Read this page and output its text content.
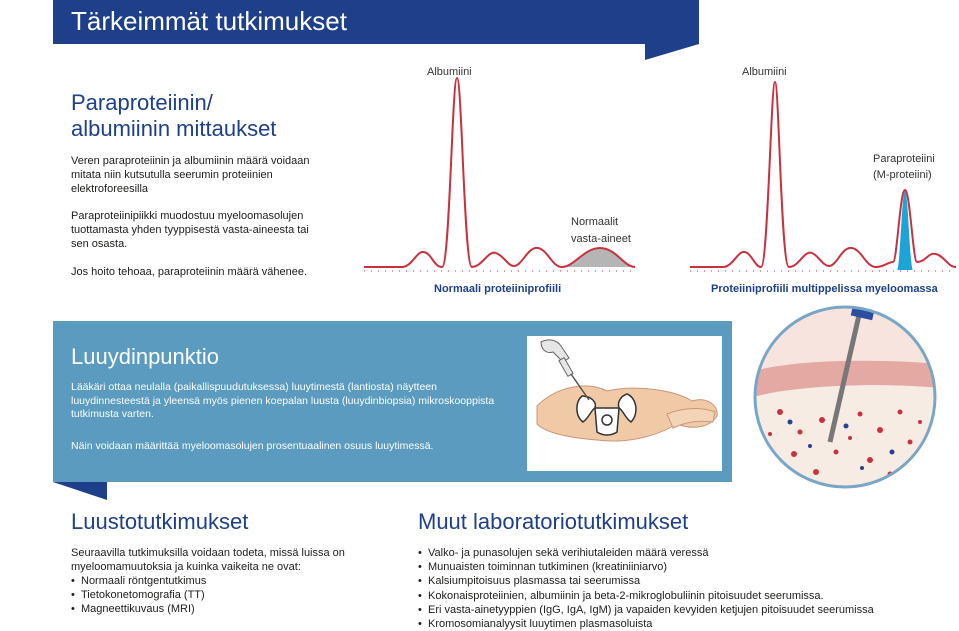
Tärkeimmät tutkimukset
Paraproteiinin/
albumiinin mittaukset
Veren paraproteiinin ja albumiinin määrä voidaan mitata niin kutsutulla seerumin proteiinien elektroforeesilla
Paraproteiinipiikki muodostuu myeloomasolujen tuottamasta yhden tyyppisestä vasta-aineesta tai sen osasta.
Jos hoito tehoaa, paraproteiinin määrä vähenee.
Albumiini
Normaalit
vasta-aineet
Normaali proteiiniprofiili
Albumiini
Paraproteiini
(M-proteiini)
Proteiiniprofiili multippelissa myeloomassa
Luuydinpunktio
Lääkäri ottaa neulalla (paikallispuudutuksessa) luuytimestä (lantiosta) näytteen luuydinnesteestä ja yleensä myös pienen koepalan luusta (luuydinbiopsia) mikroskooppista tutkimusta varten.
Näin voidaan määrittää myeloomasolujen prosentuaalinen osuus luuytimessä.
Luustotutkimukset
Seuraavilla tutkimuksilla voidaan todeta, missä luissa on myeloomamuutoksia ja kuinka vaikeita ne ovat:
• Normaali röntgentutkimus
• Tietokonetomografia (TT)
• Magneettikuvaus (MRI)
Muut laboratoriotutkimukset
• Valko- ja punasolujen sekä verihiutaleiden määrä veressä
• Munuaisten toiminnan tutkiminen (kreatiniiniarvo)
• Kalsiumpitoisuus plasmassa tai seerumissa
• Kokonaisproteiinien, albumiinin ja beta-2-mikroglobuliinin pitoisuudet seerumissa.
• Eri vasta-ainetyyppien (IgG, IgA, IgM) ja vapaiden kevyiden ketjujen pitoisuudet seerumissa
• Kromosomianalyysit luuytimen plasmasoluista
